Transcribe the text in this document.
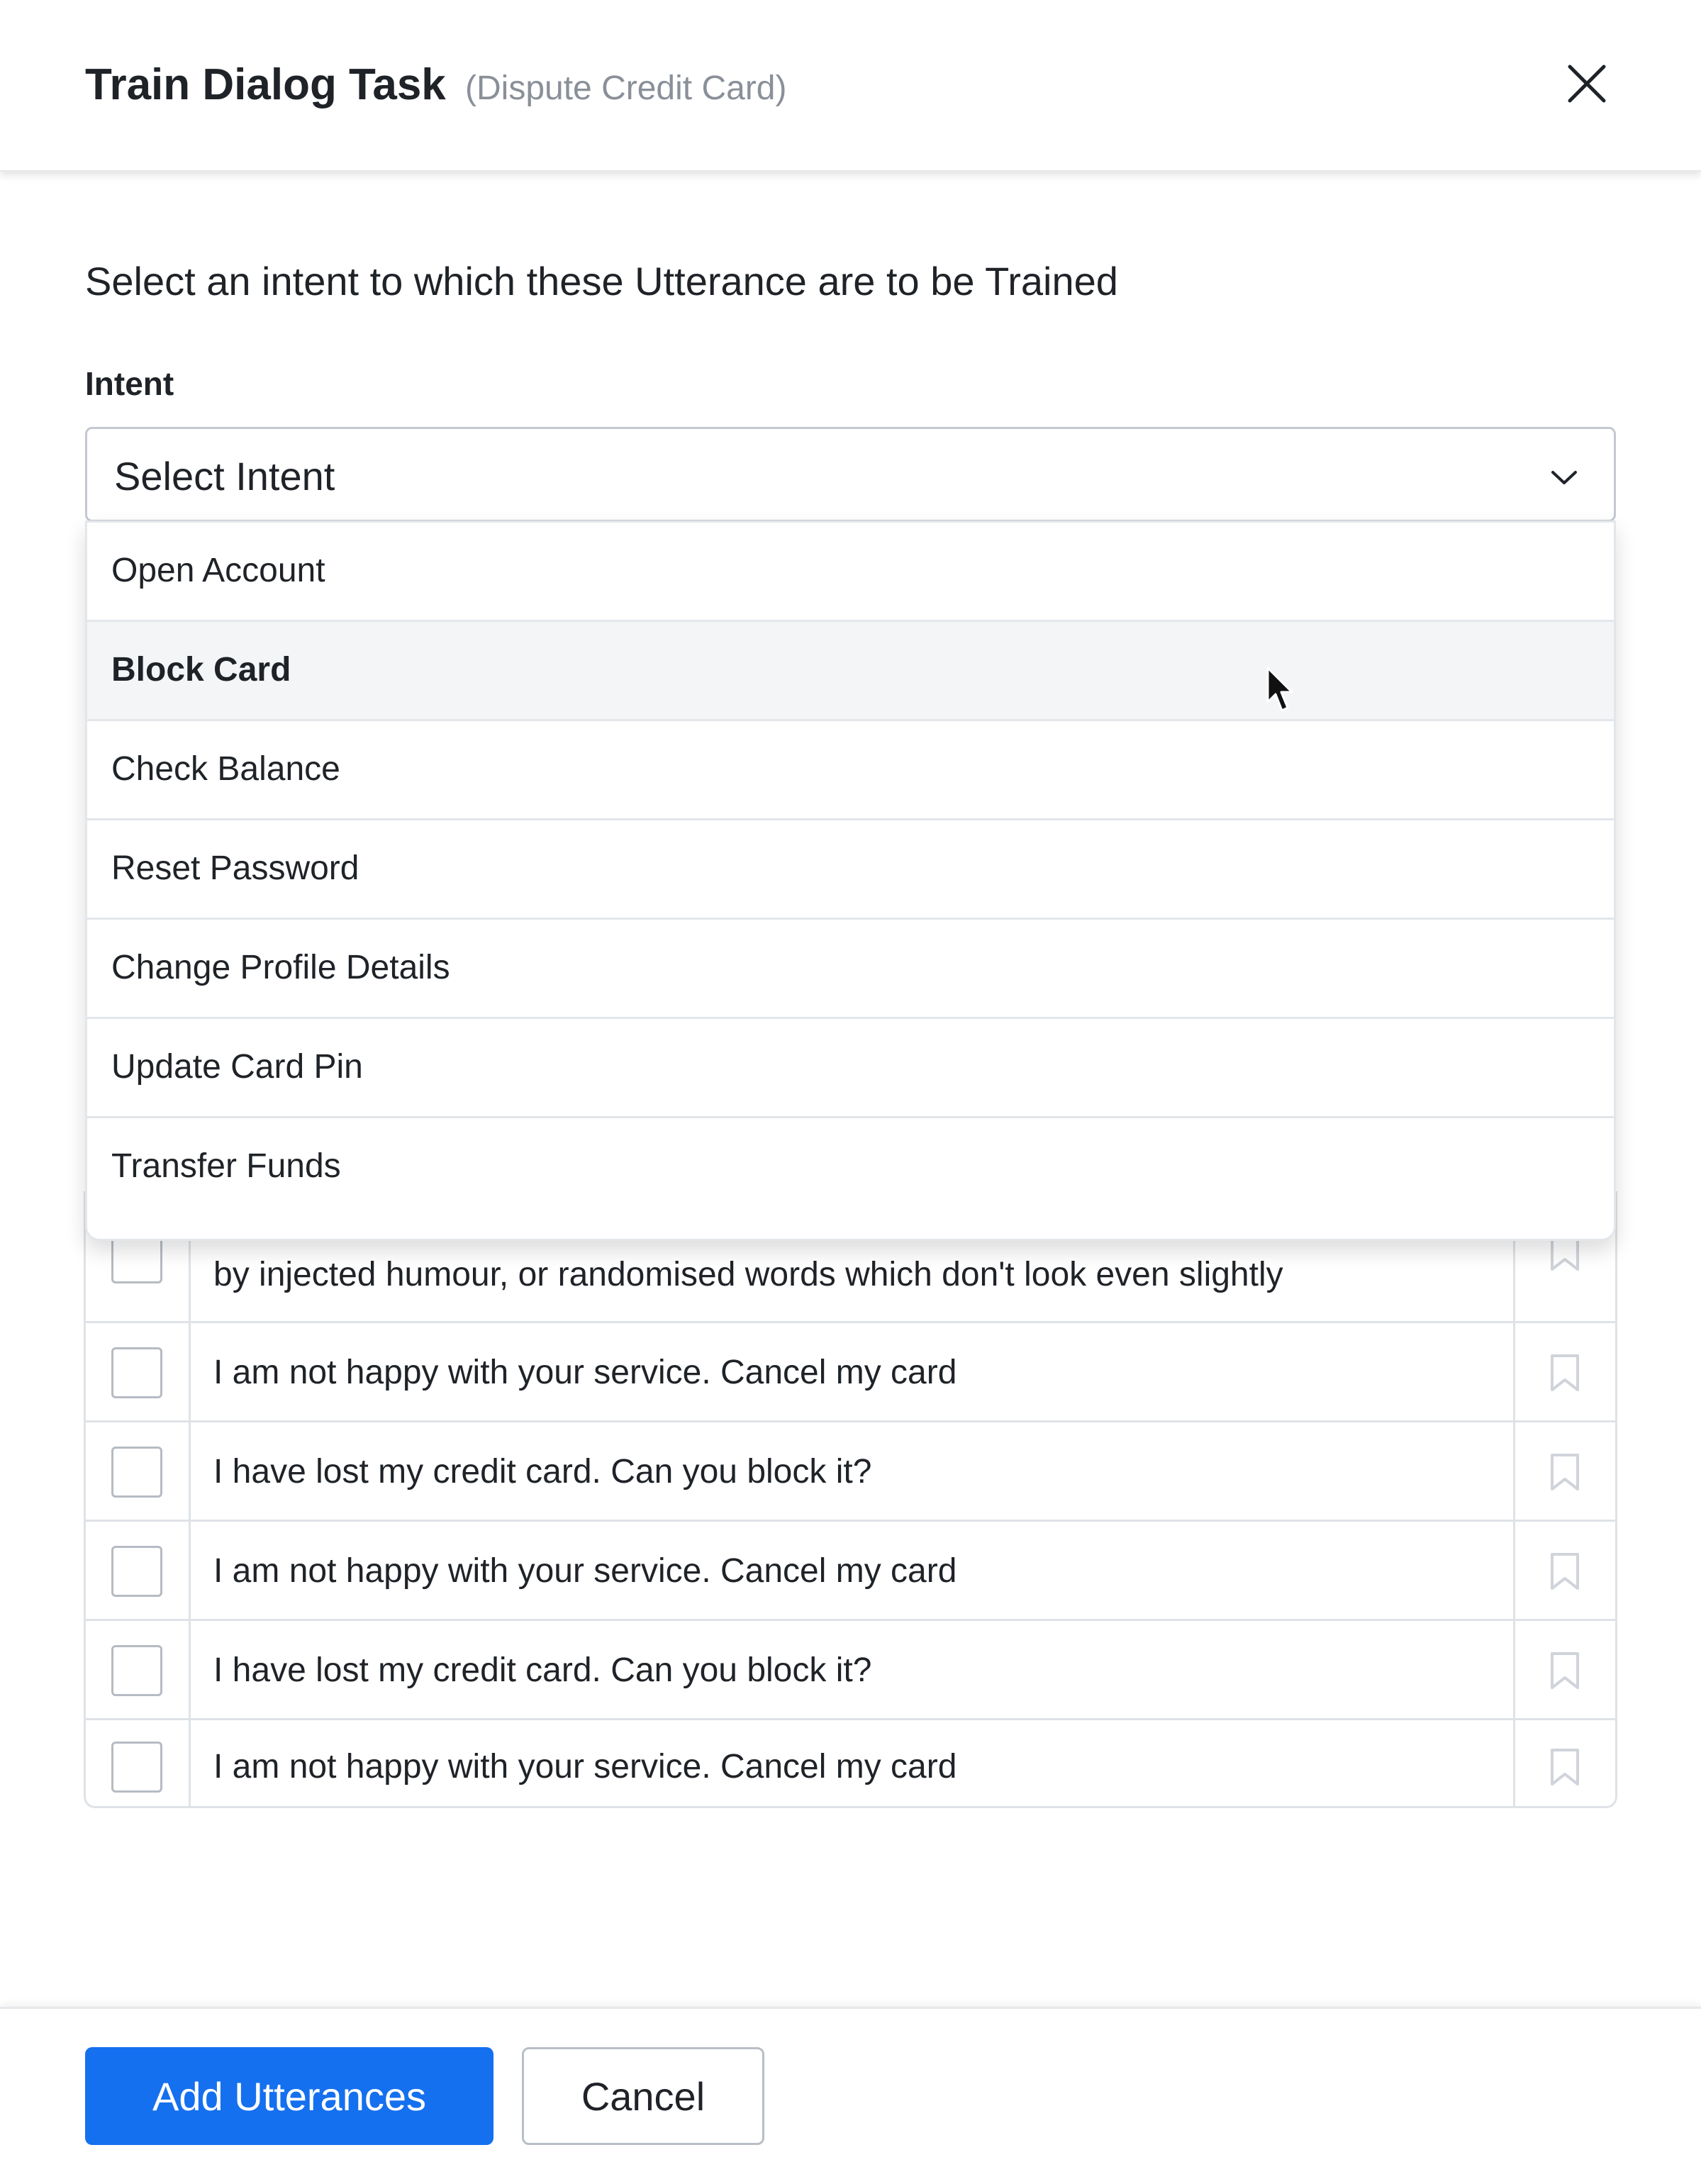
Train Dialog Task (Dispute Credit Card)
Select an intent to which these Utterance are to be Trained
Intent
Select Intent
by injected humour, or randomised words which don't look even slightly
I am not happy with your service. Cancel my card
I have lost my credit card. Can you block it?
I am not happy with your service. Cancel my card
I have lost my credit card. Can you block it?
I am not happy with your service. Cancel my card
Open Account
Block Card
Check Balance
Reset Password
Change Profile Details
Update Card Pin
Transfer Funds
Add Utterances	Cancel
